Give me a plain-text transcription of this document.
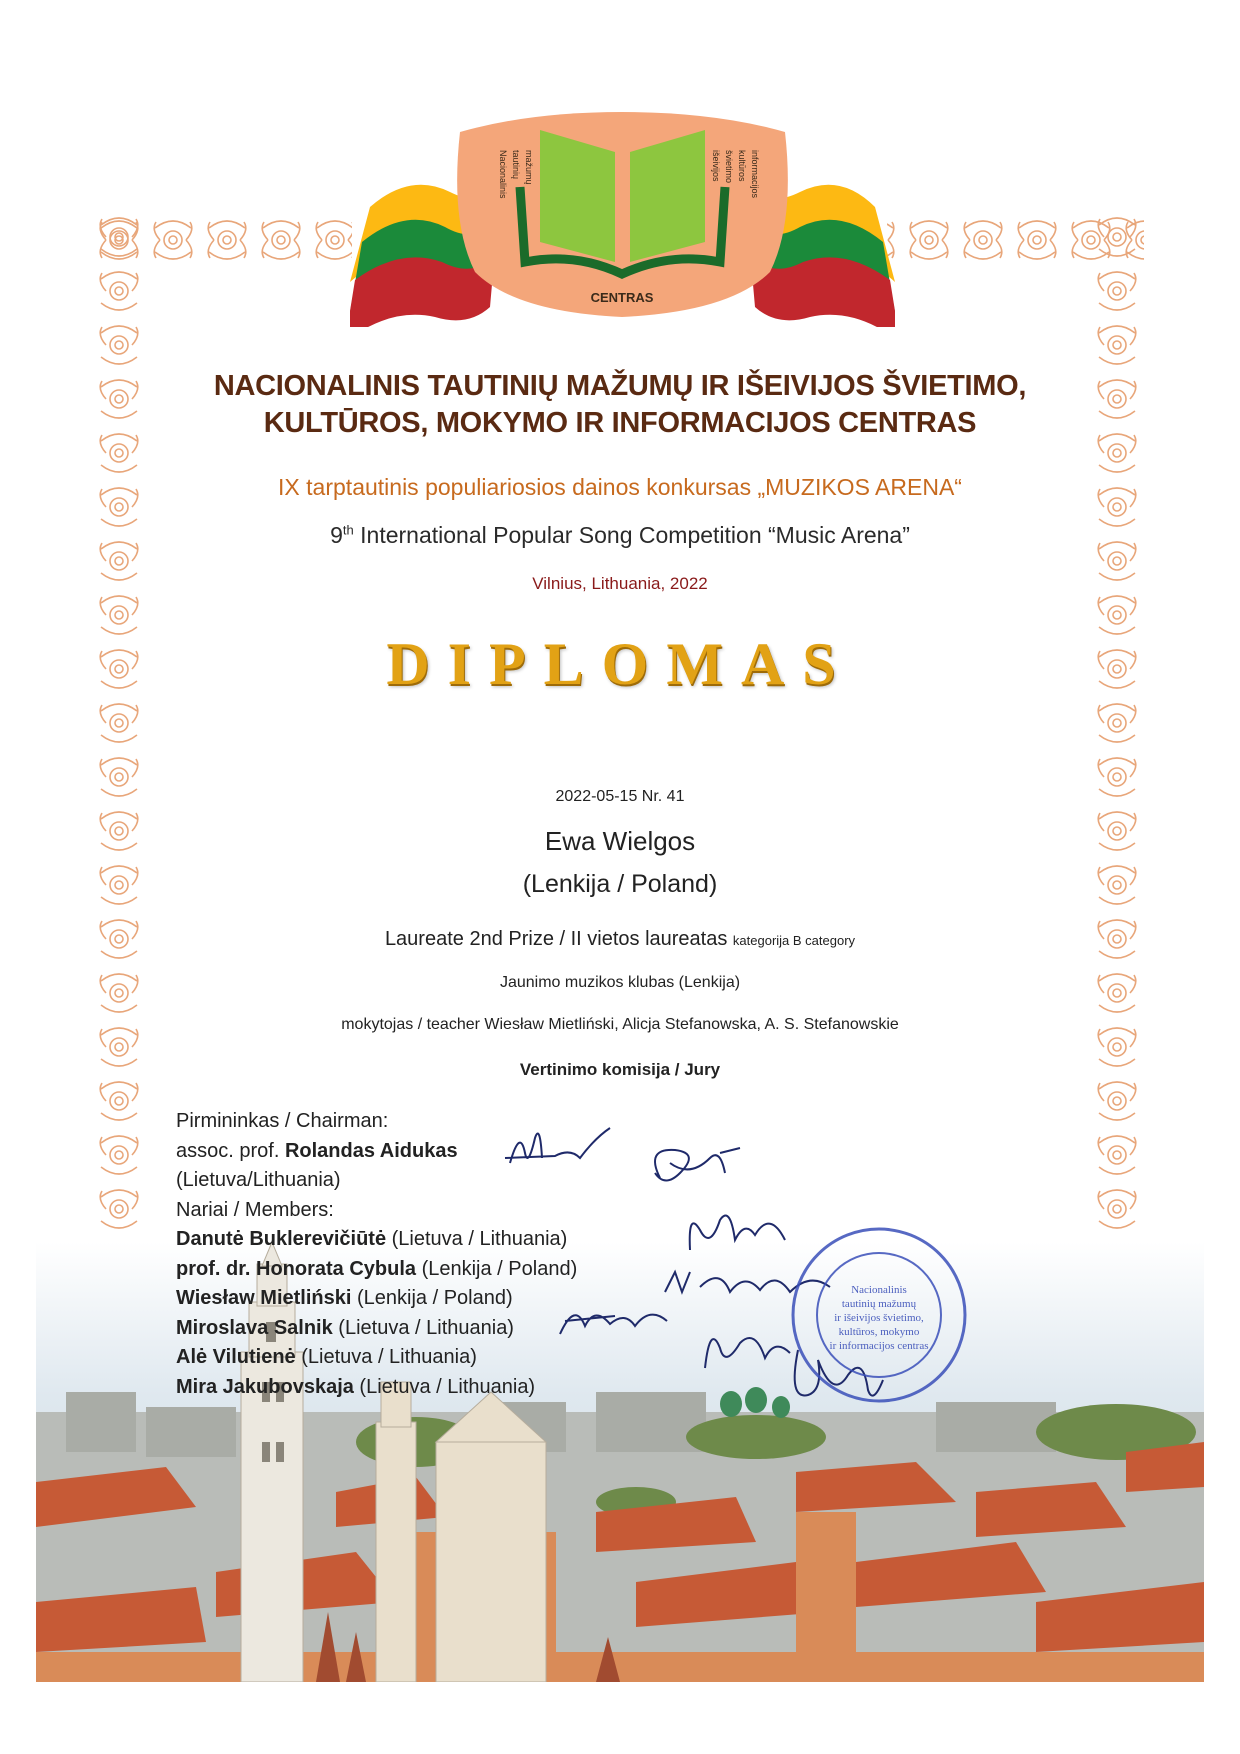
CENTRAS
Nacionalinis tautinių mažumų	išeivijos švietimo kultūros informacijos
NACIONALINIS TAUTINIŲ MAŽUMŲ IR IŠEIVIJOS ŠVIETIMO,
KULTŪROS, MOKYMO IR INFORMACIJOS CENTRAS
IX tarptautinis populiariosios dainos konkursas „MUZIKOS ARENA“
9th International Popular Song Competition “Music Arena”
Vilnius, Lithuania, 2022
DIPLOMAS
2022-05-15 Nr. 41
Ewa Wielgos
(Lenkija / Poland)
Laureate 2nd Prize / II vietos laureatas kategorija B category
Jaunimo muzikos klubas (Lenkija)
mokytojas / teacher Wiesław Mietliński, Alicja Stefanowska, A. S. Stefanowskie
Vertinimo komisija / Jury
Pirmininkas / Chairman:
assoc. prof. Rolandas Aidukas
(Lietuva/Lithuania)
Nariai / Members:
Danutė Buklerevičiūtė (Lietuva / Lithuania)
prof. dr. Honorata Cybula (Lenkija / Poland)
Wiesław Mietliński (Lenkija / Poland)
Miroslava Salnik (Lietuva / Lithuania)
Alė Vilutienė (Lietuva / Lithuania)
Mira Jakubovskaja (Lietuva / Lithuania)
Nacionalinis
tautinių mažumų
ir išeivijos švietimo,
kultūros, mokymo
ir informacijos centras
